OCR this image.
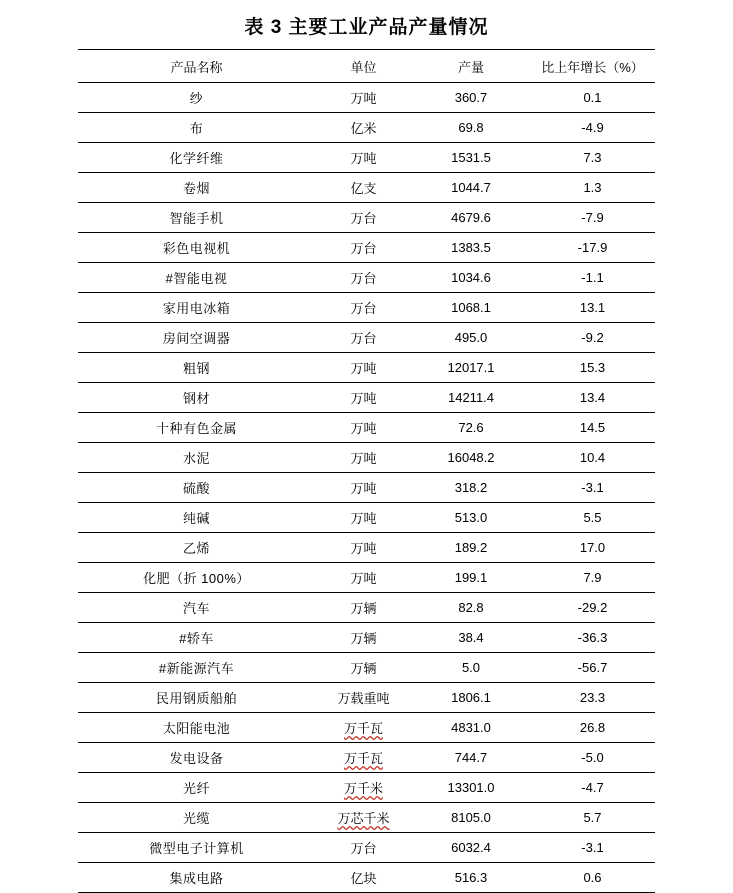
表 3 主要工业产品产量情况
产品名称	单位	产量	比上年增长（%）
纱	万吨	360.7	0.1
布	亿米	69.8	-4.9
化学纤维	万吨	1531.5	7.3
卷烟	亿支	1044.7	1.3
智能手机	万台	4679.6	-7.9
彩色电视机	万台	1383.5	-17.9
#智能电视	万台	1034.6	-1.1
家用电冰箱	万台	1068.1	13.1
房间空调器	万台	495.0	-9.2
粗钢	万吨	12017.1	15.3
钢材	万吨	14211.4	13.4
十种有色金属	万吨	72.6	14.5
水泥	万吨	16048.2	10.4
硫酸	万吨	318.2	-3.1
纯碱	万吨	513.0	5.5
乙烯	万吨	189.2	17.0
化肥（折 100%）	万吨	199.1	7.9
汽车	万辆	82.8	-29.2
#轿车	万辆	38.4	-36.3
#新能源汽车	万辆	5.0	-56.7
民用钢质船舶	万载重吨	1806.1	23.3
太阳能电池	万千瓦	4831.0	26.8
发电设备	万千瓦	744.7	-5.0
光纤	万千米	13301.0	-4.7
光缆	万芯千米	8105.0	5.7
微型电子计算机	万台	6032.4	-3.1
集成电路	亿块	516.3	0.6
